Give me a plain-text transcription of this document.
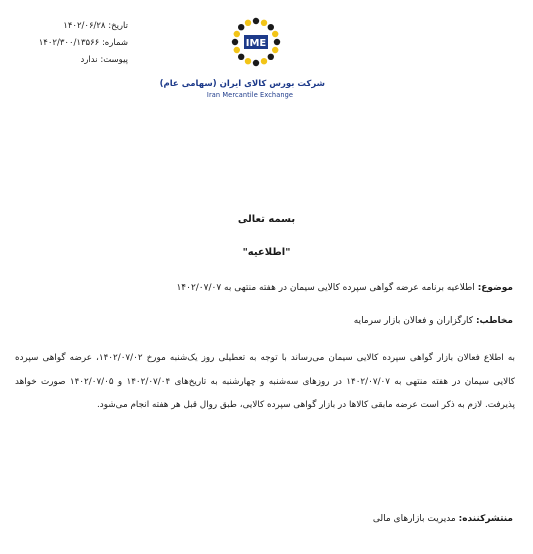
تاریخ: ۱۴۰۲/۰۶/۲۸
شماره: ۱۴۰۲/۳۰۰/۱۳۵۶۶
پیوست: ندارد
IME
شرکت بورس کالای ایران (سهامی عام)
Iran Mercantile Exchange
بسمه تعالی
"اطلاعیه"
موضوع: اطلاعیه برنامه عرضه گواهی سپرده کالایی سیمان در هفته منتهی به ۱۴۰۲/۰۷/۰۷
مخاطب: کارگزاران و فعالان بازار سرمایه
به اطلاع فعالان بازار گواهی سپرده کالایی سیمان می‌رساند با توجه به تعطیلی روز یک‌شنبه مورخ ۱۴۰۲/۰۷/۰۲، عرضه گواهی سپرده کالایی سیمان در هفته منتهی به ۱۴۰۲/۰۷/۰۷ در روزهای سه‌شنبه و چهارشنبه به تاریخ‌های ۱۴۰۲/۰۷/۰۴ و ۱۴۰۲/۰۷/۰۵ صورت خواهد پذیرفت. لازم به ذکر است عرضه مابقی کالاها در بازار گواهی سپرده کالایی، طبق روال قبل هر هفته انجام می‌شود.
منتشرکننده: مدیریت بازارهای مالی
